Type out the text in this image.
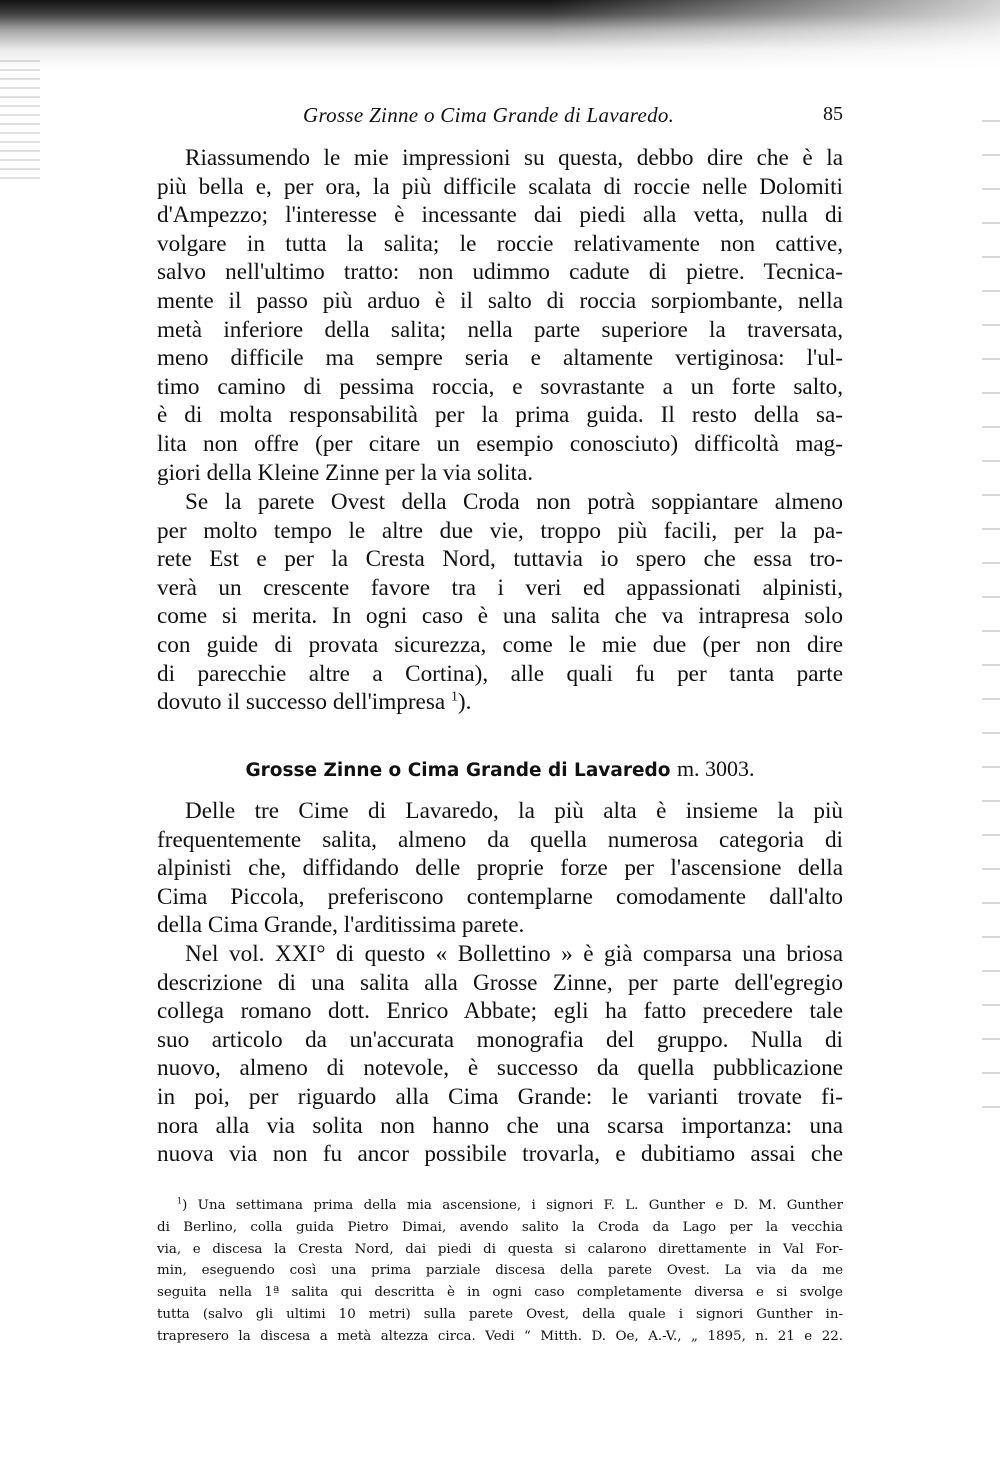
Grosse Zinne o Cima Grande di Lavaredo.	85
Riassumendo le mie impressioni su questa, debbo dire che è la
più bella e, per ora, la più difficile scalata di roccie nelle Dolomiti
d'Ampezzo; l'interesse è incessante dai piedi alla vetta, nulla di
volgare in tutta la salita; le roccie relativamente non cattive,
salvo nell'ultimo tratto: non udimmo cadute di pietre. Tecnica-
mente il passo più arduo è il salto di roccia sorpiombante, nella
metà inferiore della salita; nella parte superiore la traversata,
meno difficile ma sempre seria e altamente vertiginosa: l'ul-
timo camino di pessima roccia, e sovrastante a un forte salto,
è di molta responsabilità per la prima guida. Il resto della sa-
lita non offre (per citare un esempio conosciuto) difficoltà mag-
giori della Kleine Zinne per la via solita.
Se la parete Ovest della Croda non potrà soppiantare almeno
per molto tempo le altre due vie, troppo più facili, per la pa-
rete Est e per la Cresta Nord, tuttavia io spero che essa tro-
verà un crescente favore tra i veri ed appassionati alpinisti,
come si merita. In ogni caso è una salita che va intrapresa solo
con guide di provata sicurezza, come le mie due (per non dire
di parecchie altre a Cortina), alle quali fu per tanta parte
dovuto il successo dell'impresa $^1$).
Grosse Zinne o Cima Grande di Lavaredo m. 3003.
Delle tre Cime di Lavaredo, la più alta è insieme la più
frequentemente salita, almeno da quella numerosa categoria di
alpinisti che, diffidando delle proprie forze per l'ascensione della
Cima Piccola, preferiscono contemplarne comodamente dall'alto
della Cima Grande, l'arditissima parete.
Nel vol. XXI° di questo « Bollettino » è già comparsa una briosa
descrizione di una salita alla Grosse Zinne, per parte dell'egregio
collega romano dott. Enrico Abbate; egli ha fatto precedere tale
suo articolo da un'accurata monografia del gruppo. Nulla di
nuovo, almeno di notevole, è successo da quella pubblicazione
in poi, per riguardo alla Cima Grande: le varianti trovate fi-
nora alla via solita non hanno che una scarsa importanza: una
nuova via non fu ancor possibile trovarla, e dubitiamo assai che
$^1$) Una settimana prima della mia ascensione, i signori F. L. Gunther e D. M. Gunther
di Berlino, colla guida Pietro Dimai, avendo salito la Croda da Lago per la vecchia
via, e discesa la Cresta Nord, dai piedi di questa si calarono direttamente in Val For-
min, eseguendo così una prima parziale discesa della parete Ovest. La via da me
seguita nella 1ª salita qui descritta è in ogni caso completamente diversa e si svolge
tutta (salvo gli ultimi 10 metri) sulla parete Ovest, della quale i signori Gunther in-
trapresero la discesa a metà altezza circa. Vedi “ Mitth. D. Oe, A.-V., „ 1895, n. 21 e 22.
